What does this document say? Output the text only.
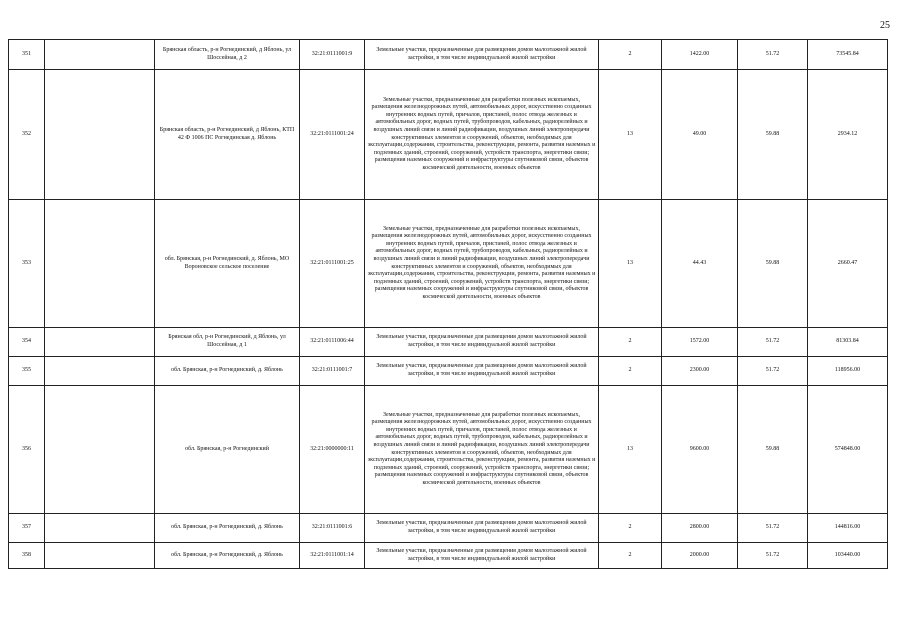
25
351		Брянская область, р-н Рогнединский, д Яблонь, ул Шоссейная, д 2	32:21:0111001:9	Земельные участки, предназначенные для размещения домов малоэтажной жилой застройки, в том числе индивидуальной жилой застройки	2	1422.00	51.72	73545.84
352		Брянская область, р-н Рогнединский, д Яблонь, КТП 42 Ф 1006 ПС Рогнединская д. Яблонь	32:21:0111001:24	Земельные участки, предназначенные для разработки полезных ископаемых, размещения железнодорожных путей, автомобильных дорог, искусственно созданных внутренних водных путей, причалов, пристаней, полос отвода железных и автомобильных дорог, водных путей, трубопроводов, кабельных, радиорелейных и воздушных линий связи и линий радиофикации, воздушных линий электропередачи конструктивных элементов и сооружений, объектов, необходимых для эксплуатации,содержания, строительства, реконструкции, ремонта, развития наземных и подземных зданий, строений, сооружений, устройств транспорта, энергетики связи; размещения наземных сооружений и инфраструктуры спутниковой связи, объектов космической деятельности, военных объектов	13	49.00	59.88	2934.12
353		обл. Брянская, р-н Рогнединский, д. Яблонь, МО Вороновское сельское поселение	32:21:0111001:25	Земельные участки, предназначенные для разработки полезных ископаемых, размещения железнодорожных путей, автомобильных дорог, искусственно созданных внутренних водных путей, причалов, пристаней, полос отвода железных и автомобильных дорог, водных путей, трубопроводов, кабельных, радиорелейных и воздушных линий связи и линий радиофикации, воздушных линий электропередачи конструктивных элементов и сооружений, объектов, необходимых для эксплуатации,содержания, строительства, реконструкции, ремонта, развития наземных и подземных зданий, строений, сооружений, устройств транспорта, энергетики связи; размещения наземных сооружений и инфраструктуры спутниковой связи, объектов космической деятельности, военных объектов	13	44.43	59.88	2660.47
354		Брянская обл, р-н Рогнединский, д Яблонь, ул Шоссейная, д 1	32:21:0111006:44	Земельные участки, предназначенные для размещения домов малоэтажной жилой застройки, в том числе индивидуальной жилой застройки	2	1572.00	51.72	81303.84
355		обл. Брянская, р-н Рогнединский, д. Яблонь	32:21:0111001:7	Земельные участки, предназначенные для размещения домов малоэтажной жилой застройки, в том числе индивидуальной жилой застройки	2	2300.00	51.72	118956.00
356		обл. Брянская, р-н Рогнединский	32:21:0000000:11	Земельные участки, предназначенные для разработки полезных ископаемых, размещения железнодорожных путей, автомобильных дорог, искусственно созданных внутренних водных путей, причалов, пристаней, полос отвода железных и автомобильных дорог, водных путей, трубопроводов, кабельных, радиорелейных и воздушных линий связи и линий радиофикации, воздушных линий электропередачи конструктивных элементов и сооружений, объектов, необходимых для эксплуатации,содержания, строительства, реконструкции, ремонта, развития наземных и подземных зданий, строений, сооружений, устройств транспорта, энергетики связи; размещения наземных сооружений и инфраструктуры спутниковой связи, объектов космической деятельности, военных объектов	13	9600.00	59.88	574848.00
357		обл. Брянская, р-н Рогнединский, д. Яблонь	32:21:0111001:6	Земельные участки, предназначенные для размещения домов малоэтажной жилой застройки, в том числе индивидуальной жилой застройки	2	2800.00	51.72	144816.00
358		обл. Брянская, р-н Рогнединский, д. Яблонь	32:21:0111001:14	Земельные участки, предназначенные для размещения домов малоэтажной жилой застройки, в том числе индивидуальной жилой застройки	2	2000.00	51.72	103440.00
